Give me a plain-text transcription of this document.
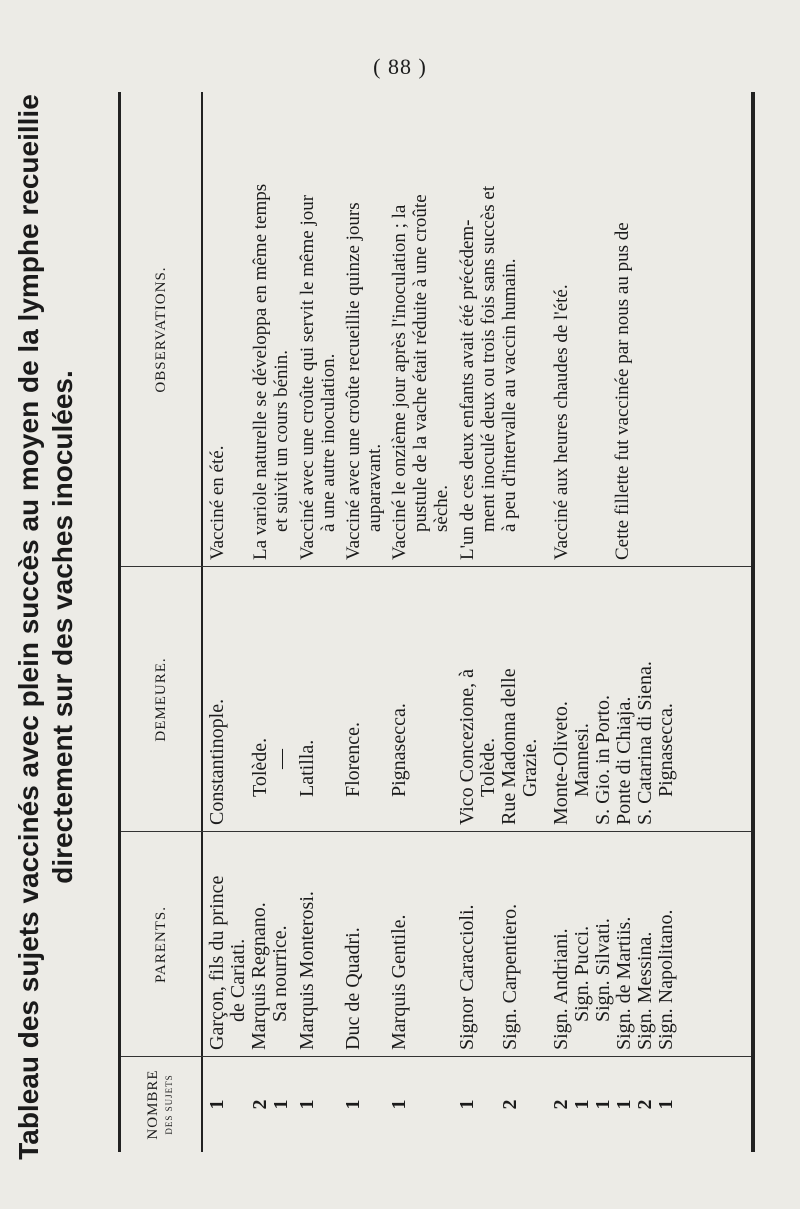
( 88 )
Tableau des sujets vaccinés avec plein succès au moyen de la lymphe recueillie directement sur des vaches inoculées.
NOMBRE DES SUJETS
PARENTS.
DEMEURE.
OBSERVATIONS.
1 2 1
Garçon, fils du prince de Cariati. Marquis Regnano. Sa nourrice.
Constantinople. Tolède. —
Vacciné en été. La variole naturelle se développa en même temps et suivit un cours bénin.
1
Marquis Monterosi.
Latilla.
Vacciné avec une croûte qui servit le même jour à une autre inoculation.
1
Duc de Quadri.
Florence.
Vacciné avec une croûte recueillie quinze jours auparavant.
1
Marquis Gentile.
Pignasecca.
Vacciné le onzième jour après l'inoculation ; la pustule de la vache était réduite à une croûte sèche.
1 2
Signor Caraccioli. Sign. Carpentiero.
Vico Concezione, à Tolède. Rue Madonna delle Grazie.
L'un de ces deux enfants avait été précédem- ment inoculé deux ou trois fois sans succès et à peu d'intervalle au vaccin humain.
2 1 1 1 2 1
Sign. Andriani. Sign. Pucci. Sign. Silvati. Sign. de Martiis. Sign. Messina. Sign. Napolitano.
Monte-Oliveto. Mannesi. S. Gio. in Porto. Ponte di Chiaja. S. Catarina di Siena. Pignasecca.
Vacciné aux heures chaudes de l'été. Cette fillette fut vaccinée par nous au pus de
